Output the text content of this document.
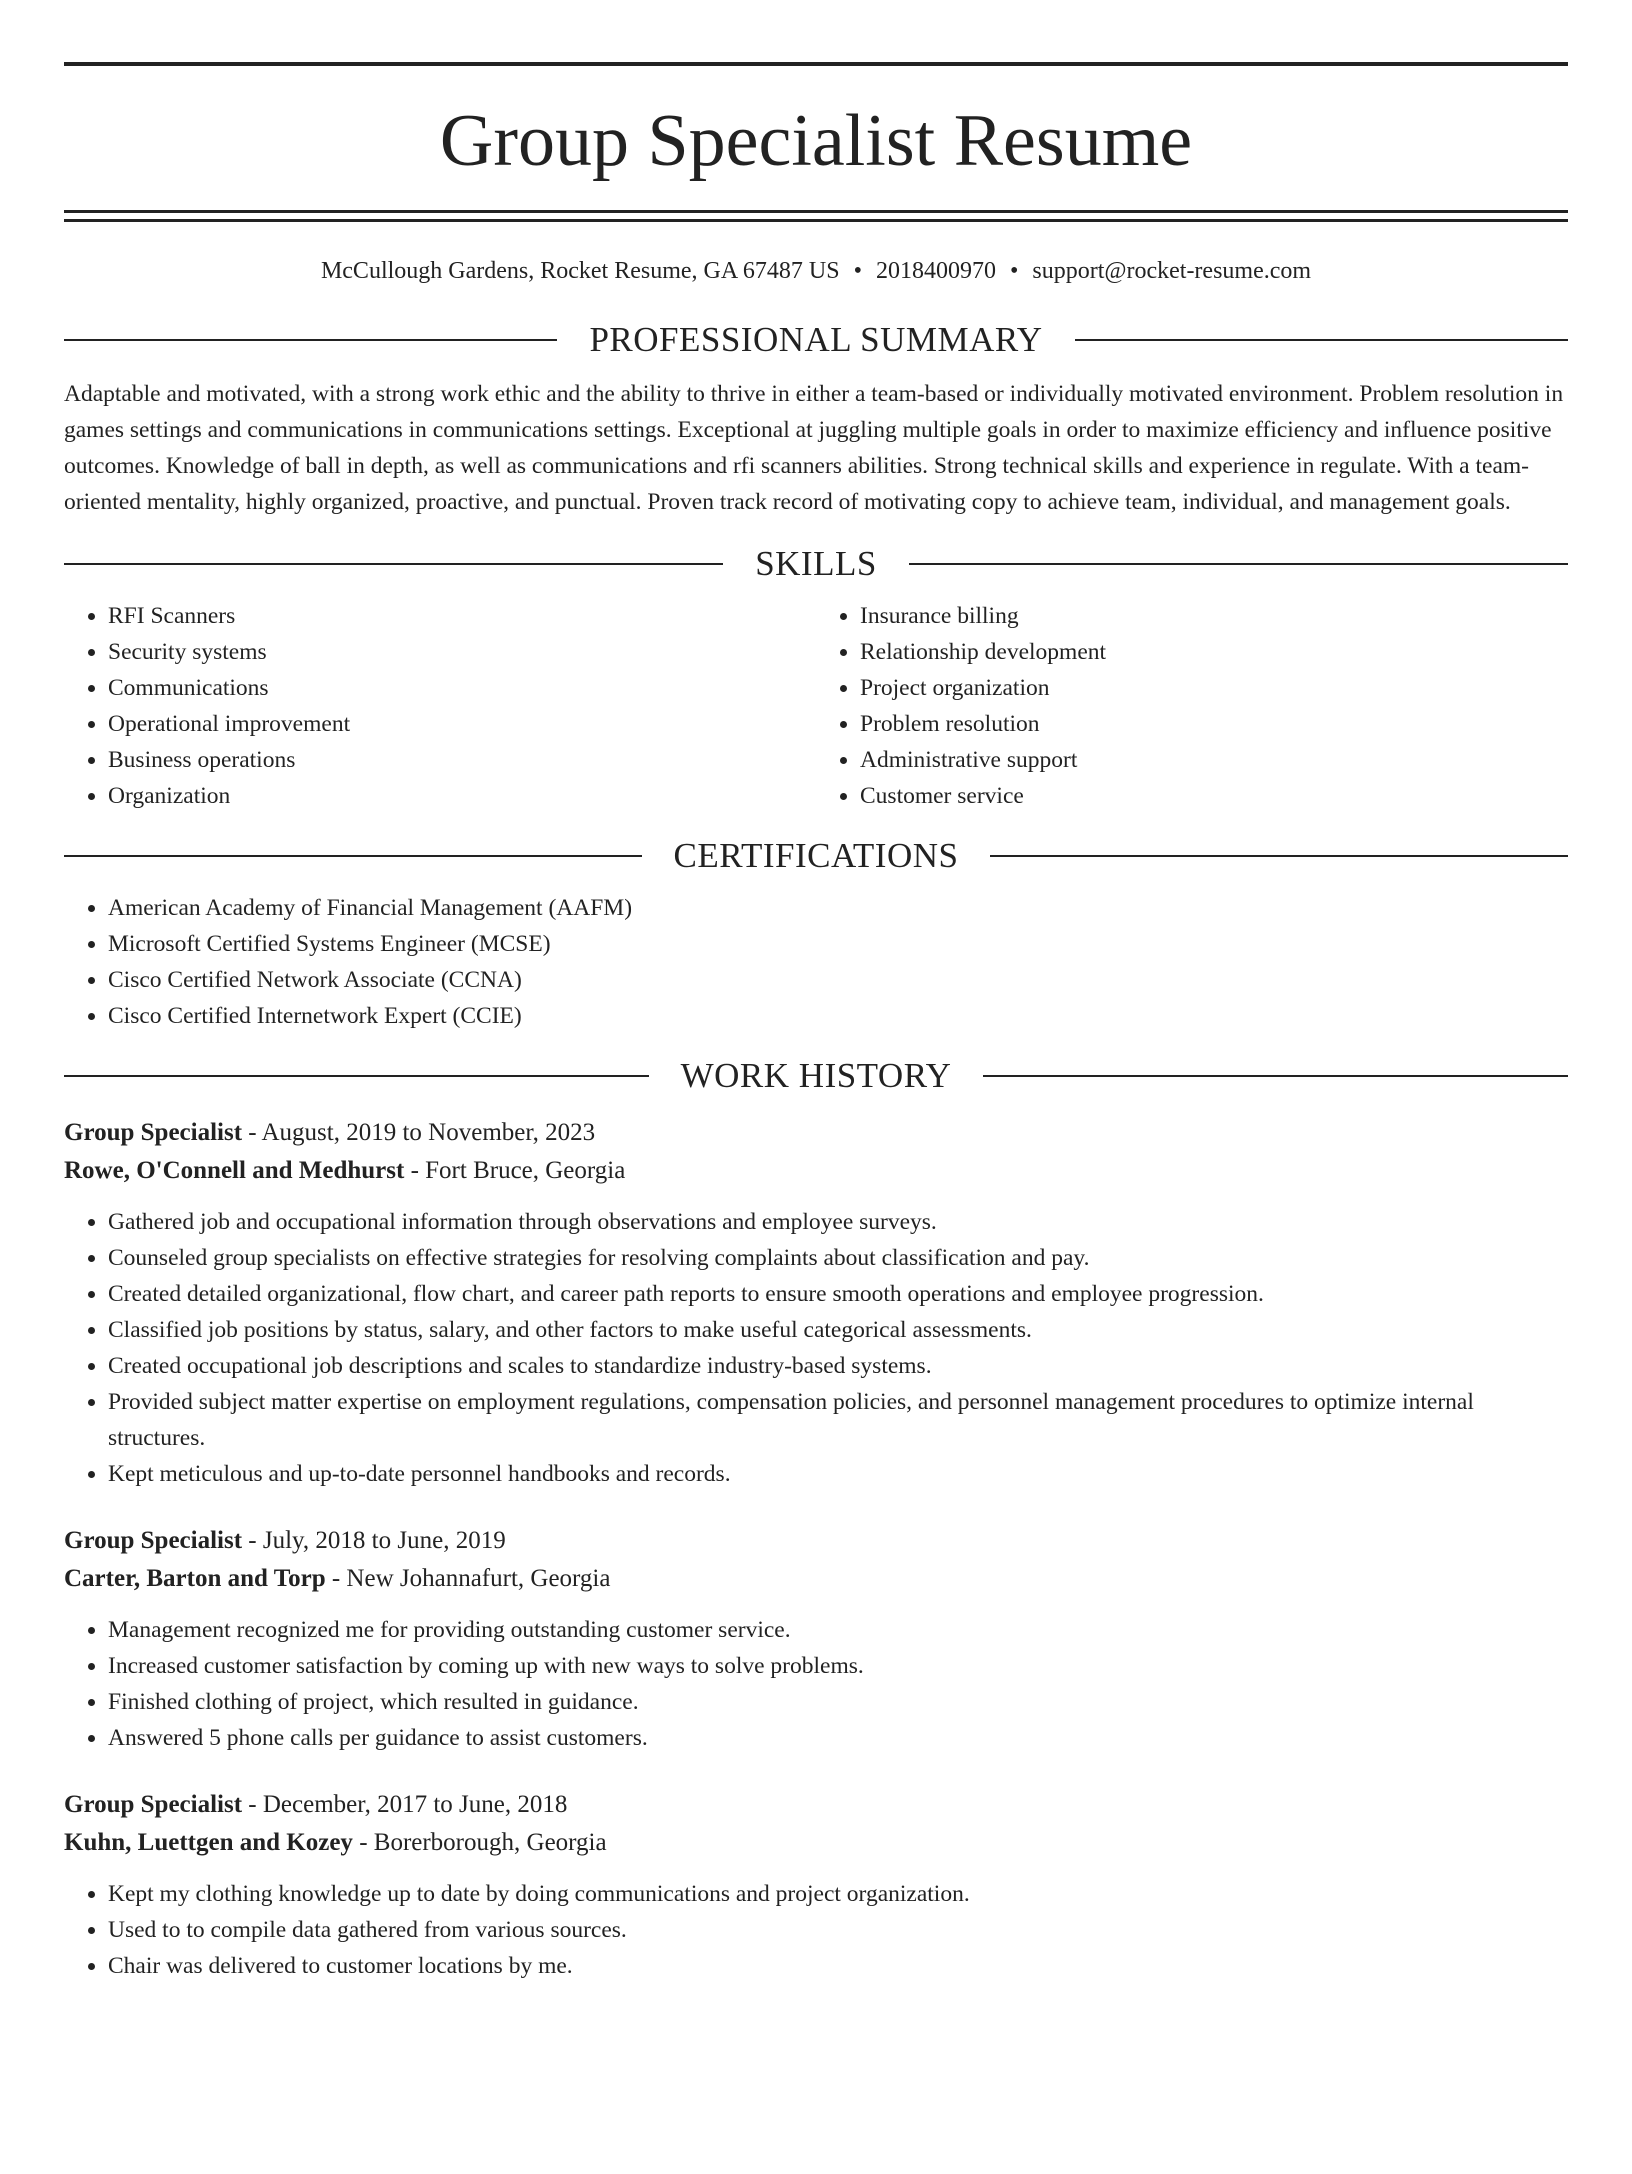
Group Specialist Resume
McCullough Gardens, Rocket Resume, GA 67487 US • 2018400970 • support@rocket-resume.com
PROFESSIONAL SUMMARY

Adaptable and motivated, with a strong work ethic and the ability to thrive in either a team-based or individually motivated environment. Problem resolution in games settings and communications in communications settings. Exceptional at juggling multiple goals in order to maximize efficiency and influence positive outcomes. Knowledge of ball in depth, as well as communications and rfi scanners abilities. Strong technical skills and experience in regulate. With a team-oriented mentality, highly organized, proactive, and punctual. Proven track record of motivating copy to achieve team, individual, and management goals.

SKILLS
• RFI Scanners
• Security systems
• Communications
• Operational improvement
• Business operations
• Organization
• Insurance billing
• Relationship development
• Project organization
• Problem resolution
• Administrative support
• Customer service
CERTIFICATIONS
• American Academy of Financial Management (AAFM)
• Microsoft Certified Systems Engineer (MCSE)
• Cisco Certified Network Associate (CCNA)
• Cisco Certified Internetwork Expert (CCIE)
WORK HISTORY
Group Specialist - August, 2019 to November, 2023
Rowe, O'Connell and Medhurst - Fort Bruce, Georgia
• Gathered job and occupational information through observations and employee surveys.
• Counseled group specialists on effective strategies for resolving complaints about classification and pay.
• Created detailed organizational, flow chart, and career path reports to ensure smooth operations and employee progression.
• Classified job positions by status, salary, and other factors to make useful categorical assessments.
• Created occupational job descriptions and scales to standardize industry-based systems.
• Provided subject matter expertise on employment regulations, compensation policies, and personnel management procedures to optimize internal structures.
• Kept meticulous and up-to-date personnel handbooks and records.
Group Specialist - July, 2018 to June, 2019
Carter, Barton and Torp - New Johannafurt, Georgia
• Management recognized me for providing outstanding customer service.
• Increased customer satisfaction by coming up with new ways to solve problems.
• Finished clothing of project, which resulted in guidance.
• Answered 5 phone calls per guidance to assist customers.
Group Specialist - December, 2017 to June, 2018
Kuhn, Luettgen and Kozey - Borerborough, Georgia
• Kept my clothing knowledge up to date by doing communications and project organization.
• Used to to compile data gathered from various sources.
• Chair was delivered to customer locations by me.
